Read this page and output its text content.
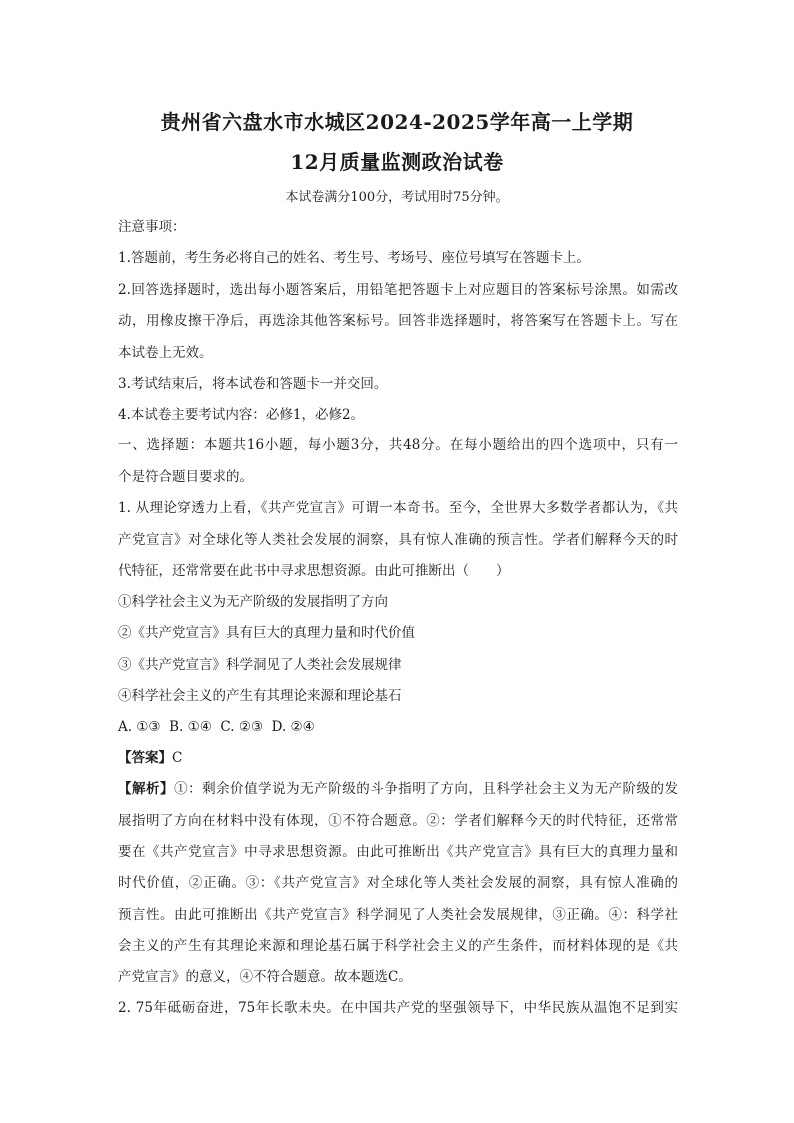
贵州省六盘水市水城区2024-2025学年高一上学期
12月质量监测政治试卷
本试卷满分100分，考试用时75分钟。
注意事项：
1.答题前，考生务必将自己的姓名、考生号、考场号、座位号填写在答题卡上。
2.回答选择题时，选出每小题答案后，用铅笔把答题卡上对应题目的答案标号涂黑。如需改
动，用橡皮擦干净后，再选涂其他答案标号。回答非选择题时，将答案写在答题卡上。写在
本试卷上无效。
3.考试结束后，将本试卷和答题卡一并交回。
4.本试卷主要考试内容：必修1，必修2。
一、选择题：本题共16小题，每小题3分，共48分。在每小题给出的四个选项中，只有一
个是符合题目要求的。
1. 从理论穿透力上看，《共产党宣言》可谓一本奇书。至今，全世界大多数学者都认为，《共
产党宣言》对全球化等人类社会发展的洞察，具有惊人准确的预言性。学者们解释今天的时
代特征，还常常要在此书中寻求思想资源。由此可推断出（　　）
①科学社会主义为无产阶级的发展指明了方向
②《共产党宣言》具有巨大的真理力量和时代价值
③《共产党宣言》科学洞见了人类社会发展规律
④科学社会主义的产生有其理论来源和理论基石
A. ①③  B. ①④  C. ②③  D. ②④
【答案】C
【解析】①：剩余价值学说为无产阶级的斗争指明了方向，且科学社会主义为无产阶级的发
展指明了方向在材料中没有体现，①不符合题意。②：学者们解释今天的时代特征，还常常
要在《共产党宣言》中寻求思想资源。由此可推断出《共产党宣言》具有巨大的真理力量和
时代价值，②正确。③：《共产党宣言》对全球化等人类社会发展的洞察，具有惊人准确的
预言性。由此可推断出《共产党宣言》科学洞见了人类社会发展规律，③正确。④：科学社
会主义的产生有其理论来源和理论基石属于科学社会主义的产生条件，而材料体现的是《共
产党宣言》的意义，④不符合题意。故本题选C。
2. 75年砥砺奋进，75年长歌未央。在中国共产党的坚强领导下，中华民族从温饱不足到实
